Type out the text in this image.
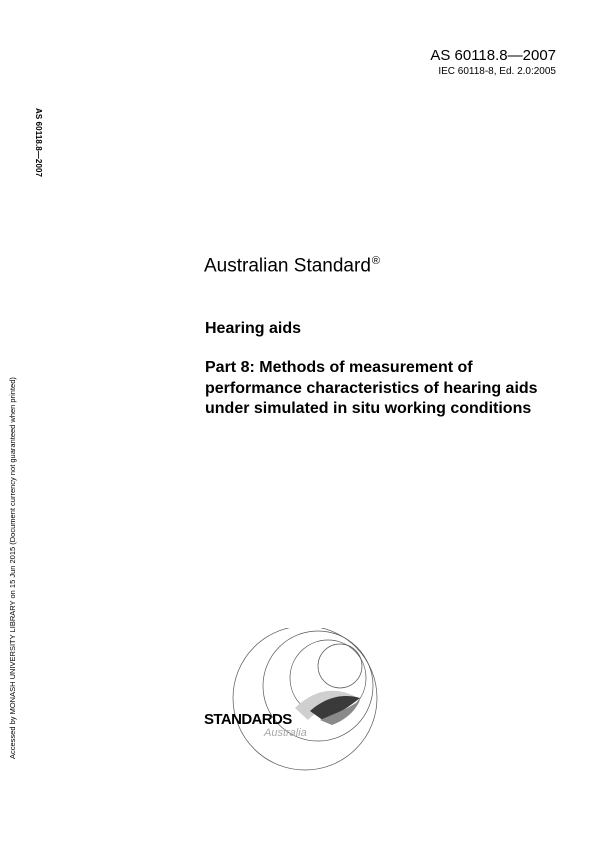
AS 60118.8—2007
IEC 60118-8, Ed. 2.0:2005
AS 60118.8—2007
Accessed by MONASH UNIVERSITY LIBRARY on 15 Jun 2015 (Document currency not guaranteed when printed)
Australian Standard®
Hearing aids
Part 8: Methods of measurement of performance characteristics of hearing aids under simulated in situ working conditions
STANDARDS
Australia
